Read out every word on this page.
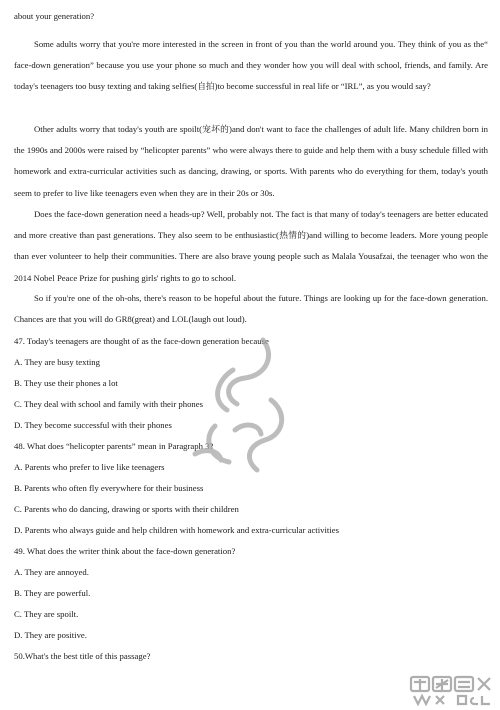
about your generation?

Some adults worry that you're more interested in the screen in front of you than the world around you. They think of you as the“ face-down generation” because you use your phone so much and they wonder how you will deal with school, friends, and family. Are today's teenagers too busy texting and taking selfies(自拍)to become successful in real life or “IRL”, as you would say?

Other adults worry that today's youth are spoilt(宠坏的)and don't want to face the challenges of adult life. Many children born in the 1990s and 2000s were raised by “helicopter parents” who were always there to guide and help them with a busy schedule filled with homework and extra-curricular activities such as dancing, drawing, or sports. With parents who do everything for them, today's youth seem to prefer to live like teenagers even when they are in their 20s or 30s.

Does the face-down generation need a heads-up? Well, probably not. The fact is that many of today's teenagers are better educated and more creative than past generations. They also seem to be enthusiastic(热情的)and willing to become leaders. More young people than ever volunteer to help their communities. There are also brave young people such as Malala Yousafzai, the teenager who won the 2014 Nobel Peace Prize for pushing girls' rights to go to school.

So if you're one of the oh-ohs, there's reason to be hopeful about the future. Things are looking up for the face-down generation. Chances are that you will do GR8(great) and LOL(laugh out loud).

47. Today's teenagers are thought of as the face-down generation because

A. They are busy texting

B. They use their phones a lot

C. They deal with school and family with their phones

D. They become successful with their phones

48. What does “helicopter parents” mean in Paragraph 3?

A. Parents who prefer to live like teenagers

B. Parents who often fly everywhere for their business

C. Parents who do dancing, drawing or sports with their children

D. Parents who always guide and help children with homework and extra-curricular activities

49. What does the writer think about the face-down generation?

A. They are annoyed.

B. They are powerful.

C. They are spoilt.

D. They are positive.

50.What's the best title of this passage?
